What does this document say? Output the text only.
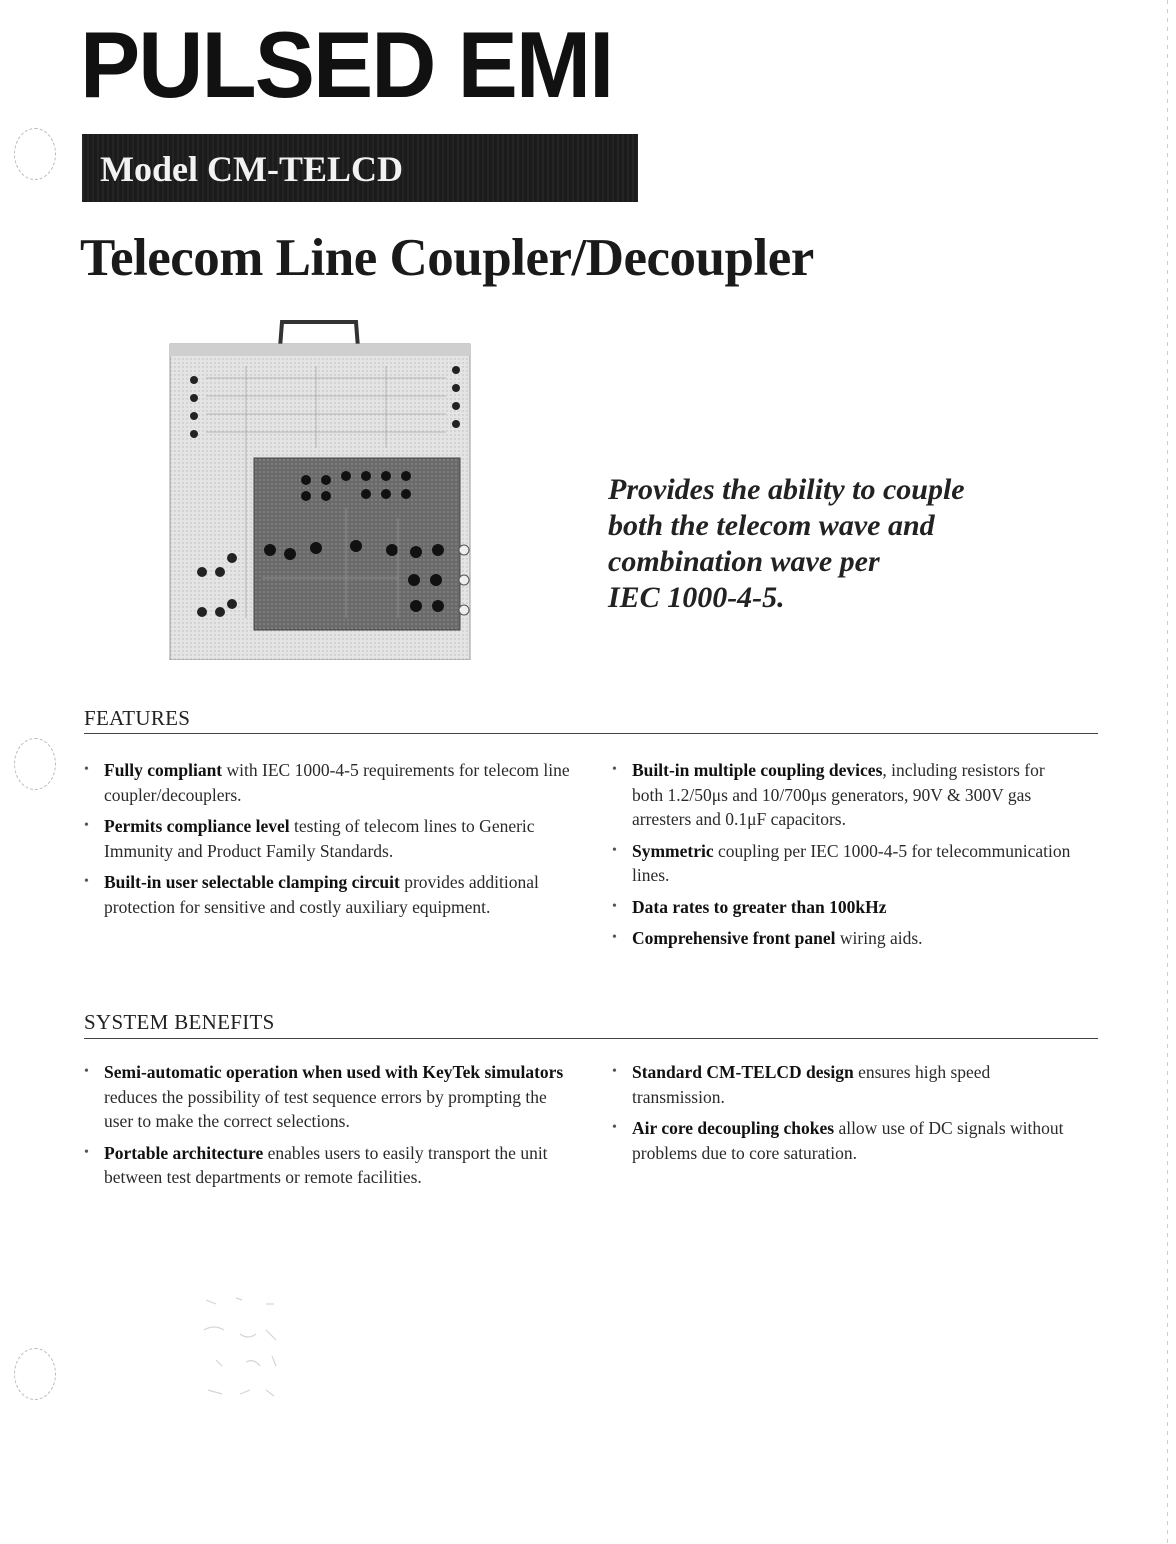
PULSED EMI
Model CM-TELCD
Telecom Line Coupler/Decoupler
Provides the ability to couple
both the telecom wave and
combination wave per
IEC 1000-4-5.
FEATURES
• Fully compliant with IEC 1000-4-5 requirements for telecom line coupler/decouplers.
• Permits compliance level testing of telecom lines to Generic Immunity and Product Family Standards.
• Built-in user selectable clamping circuit provides additional protection for sensitive and costly auxiliary equipment.
• Built-in multiple coupling devices, including resistors for both 1.2/50μs and 10/700μs generators, 90V & 300V gas arresters and 0.1μF capacitors.
• Symmetric coupling per IEC 1000-4-5 for telecommunication lines.
• Data rates to greater than 100kHz
• Comprehensive front panel wiring aids.
SYSTEM BENEFITS
• Semi-automatic operation when used with KeyTek simulators reduces the possibility of test sequence errors by prompting the user to make the correct selections.
• Portable architecture enables users to easily transport the unit between test departments or remote facilities.
• Standard CM-TELCD design ensures high speed transmission.
• Air core decoupling chokes allow use of DC signals without problems due to core saturation.
